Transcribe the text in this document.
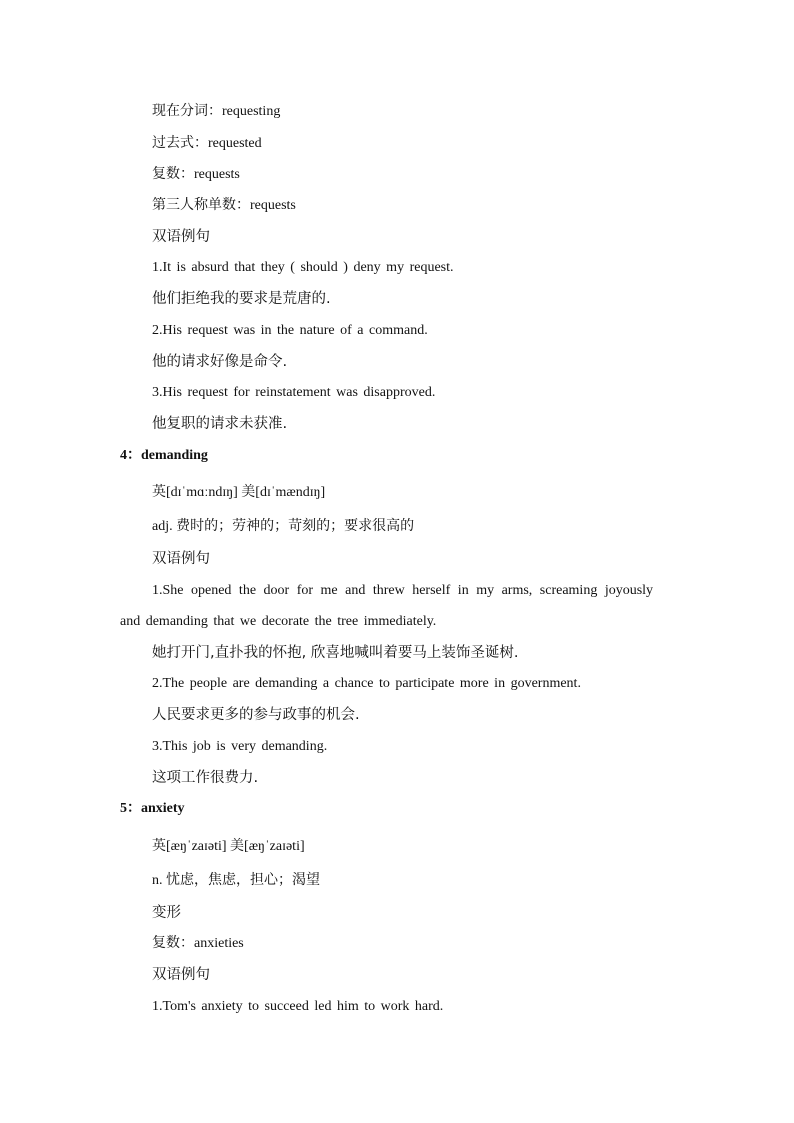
现在分词：requesting
过去式：requested
复数：requests
第三人称单数：requests
双语例句
1.It is absurd that they ( should ) deny my request.
他们拒绝我的要求是荒唐的.
2.His request was in the nature of a command.
他的请求好像是命令.
3.His request for reinstatement was disapproved.
他复职的请求未获准.
4：demanding
英[dɪˈmɑːndɪŋ] 美[dɪˈmændɪŋ]
adj. 费时的；劳神的；苛刻的；要求很高的
双语例句
1.She opened the door for me and threw herself in my arms, screaming joyously
and demanding that we decorate the tree immediately.
她打开门,直扑我的怀抱, 欣喜地喊叫着要马上装饰圣诞树.
2.The people are demanding a chance to participate more in government.
人民要求更多的参与政事的机会.
3.This job is very demanding.
这项工作很费力.
5：anxiety
英[æŋˈzaɪəti] 美[æŋˈzaɪəti]
n. 忧虑，焦虑，担心；渴望
变形
复数：anxieties
双语例句
1.Tom's anxiety to succeed led him to work hard.
